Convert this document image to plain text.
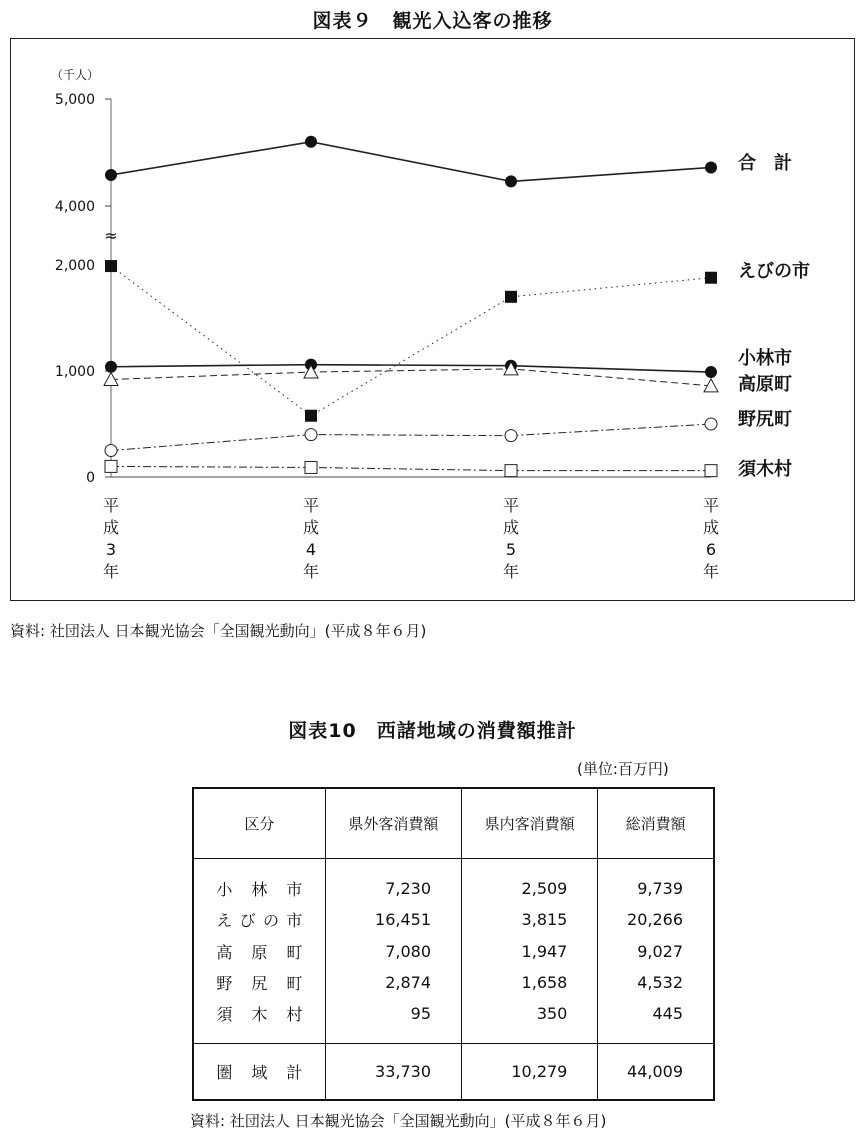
図表９　観光入込客の推移
（千人）
0
1,000
2,000
4,000
5,000
≈
平
成
3
年
平
成
4
年
平
成
5
年
平
成
6
年
合　計
えびの市
小林市
高原町
野尻町
須木村
資料: 社団法人 日本観光協会「全国観光動向」(平成８年６月)
図表10　西諸地域の消費額推計
(単位:百万円)
区分	県外客消費額	県内客消費額	総消費額
小林市	7,230	2,509	9,739
えびの市	16,451	3,815	20,266
高原町	7,080	1,947	9,027
野尻町	2,874	1,658	4,532
須木村	95	350	445
圏域計	33,730	10,279	44,009
資料: 社団法人 日本観光協会「全国観光動向」(平成８年６月)
